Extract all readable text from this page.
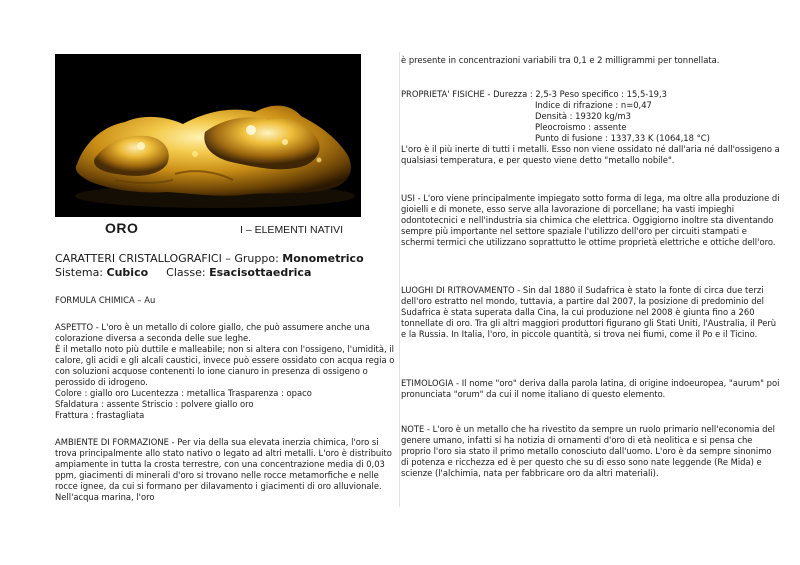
ORO	I – ELEMENTI NATIVI
CARATTERI CRISTALLOGRAFICI – Gruppo: Monometrico
Sistema: Cubico Classe: Esacisottaedrica
FORMULA CHIMICA – Au

ASPETTO - L'oro è un metallo di colore giallo, che può assumere anche una colorazione diversa a seconda delle sue leghe.

È il metallo noto più duttile e malleabile; non si altera con l'ossigeno, l'umidità, il calore, gli acidi e gli alcali caustici, invece può essere ossidato con acqua regia o con soluzioni acquose contenenti lo ione cianuro in presenza di ossigeno o perossido di idrogeno.

Colore : giallo oro Lucentezza : metallica Trasparenza : opaco

Sfaldatura : assente Striscio : polvere giallo oro

Frattura : frastagliata

AMBIENTE DI FORMAZIONE - Per via della sua elevata inerzia chimica, l'oro si trova principalmente allo stato nativo o legato ad altri metalli. L'oro è distribuito ampiamente in tutta la crosta terrestre, con una concentrazione media di 0,03 ppm, giacimenti di minerali d'oro si trovano nelle rocce metamorfiche e nelle rocce ignee, da cui si formano per dilavamento i giacimenti di oro alluvionale. Nell'acqua marina, l'oro

è presente in concentrazioni variabili tra 0,1 e 2 milligrammi per tonnellata.

PROPRIETA' FISICHE - Durezza : 2,5-3 Peso specifico : 15,5-19,3

Indice di rifrazione : n=0,47

Densità : 19320 kg/m3

Pleocroismo : assente

Punto di fusione : 1337,33 K (1064,18 °C)

L'oro è il più inerte di tutti i metalli. Esso non viene ossidato né dall'aria né dall'ossigeno a qualsiasi temperatura, e per questo viene detto "metallo nobile".

USI - L'oro viene principalmente impiegato sotto forma di lega, ma oltre alla produzione di gioielli e di monete, esso serve alla lavorazione di porcellane; ha vasti impieghi odontotecnici e nell'industria sia chimica che elettrica. Oggigiorno inoltre sta diventando sempre più importante nel settore spaziale l'utilizzo dell'oro per circuiti stampati e schermi termici che utilizzano soprattutto le ottime proprietà elettriche e ottiche dell'oro.

LUOGHI DI RITROVAMENTO - Sin dal 1880 il Sudafrica è stato la fonte di circa due terzi dell'oro estratto nel mondo, tuttavia, a partire dal 2007, la posizione di predominio del Sudafrica è stata superata dalla Cina, la cui produzione nel 2008 è giunta fino a 260 tonnellate di oro. Tra gli altri maggiori produttori figurano gli Stati Uniti, l'Australia, il Perù e la Russia. In Italia, l'oro, in piccole quantità, si trova nei fiumi, come il Po e il Ticino.

ETIMOLOGIA - Il nome "oro" deriva dalla parola latina, di origine indoeuropea, "aurum" poi pronunciata "orum" da cui il nome italiano di questo elemento.

NOTE - L'oro è un metallo che ha rivestito da sempre un ruolo primario nell'economia del genere umano, infatti si ha notizia di ornamenti d'oro di età neolitica e si pensa che proprio l'oro sia stato il primo metallo conosciuto dall'uomo. L'oro è da sempre sinonimo di potenza e ricchezza ed è per questo che su di esso sono nate leggende (Re Mida) e scienze (l'alchimia, nata per fabbricare oro da altri materiali).
